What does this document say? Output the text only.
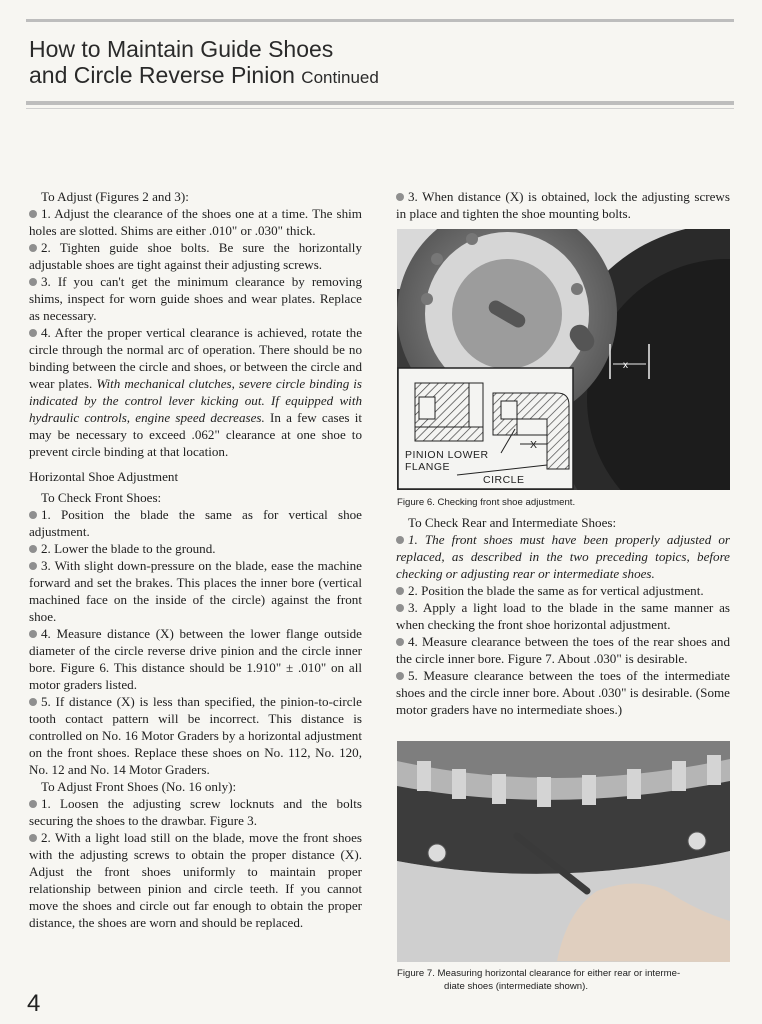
How to Maintain Guide Shoes
and Circle Reverse Pinion Continued

To Adjust (Figures 2 and 3):

1. Adjust the clearance of the shoes one at a time. The shim holes are slotted. Shims are either .010" or .030" thick.

2. Tighten guide shoe bolts. Be sure the horizontally adjustable shoes are tight against their adjusting screws.

3. If you can't get the minimum clearance by removing shims, inspect for worn guide shoes and wear plates. Replace as necessary.

4. After the proper vertical clearance is achieved, rotate the circle through the normal arc of operation. There should be no binding between the circle and shoes, or between the circle and wear plates. With mechanical clutches, severe circle binding is indicated by the control lever kicking out. If equipped with hydraulic controls, engine speed decreases. In a few cases it may be necessary to exceed .062" clearance at one shoe to prevent circle binding at that location.

Horizontal Shoe Adjustment

To Check Front Shoes:

1. Position the blade the same as for vertical shoe adjustment.

2. Lower the blade to the ground.

3. With slight down-pressure on the blade, ease the machine forward and set the brakes. This places the inner bore (vertical machined face on the inside of the circle) against the front shoe.

4. Measure distance (X) between the lower flange outside diameter of the circle reverse drive pinion and the circle inner bore. Figure 6. This distance should be 1.910" ± .010" on all motor graders listed.

5. If distance (X) is less than specified, the pinion-to-circle tooth contact pattern will be incorrect. This distance is controlled on No. 16 Motor Graders by a horizontal adjustment on the front shoes. Replace these shoes on No. 112, No. 120, No. 12 and No. 14 Motor Graders.

To Adjust Front Shoes (No. 16 only):

1. Loosen the adjusting screw locknuts and the bolts securing the shoes to the drawbar. Figure 3.

2. With a light load still on the blade, move the front shoes with the adjusting screws to obtain the proper distance (X). Adjust the front shoes uniformly to maintain proper relationship between pinion and circle teeth. If you cannot move the shoes and circle out far enough to obtain the proper distance, the shoes are worn and should be replaced.

3. When distance (X) is obtained, lock the adjusting screws in place and tighten the shoe mounting bolts.

x
X
PINION LOWER
FLANGE
CIRCLE
Figure 6. Checking front shoe adjustment.

To Check Rear and Intermediate Shoes:

1. The front shoes must have been properly adjusted or replaced, as described in the two preceding topics, before checking or adjusting rear or intermediate shoes.

2. Position the blade the same as for vertical adjustment.

3. Apply a light load to the blade in the same manner as when checking the front shoe horizontal adjustment.

4. Measure clearance between the toes of the rear shoes and the circle inner bore. Figure 7. About .030" is desirable.

5. Measure clearance between the toes of the intermediate shoes and the circle inner bore. About .030" is desirable. (Some motor graders have no intermediate shoes.)

Figure 7. Measuring horizontal clearance for either rear or interme-
diate shoes (intermediate shown).
4
